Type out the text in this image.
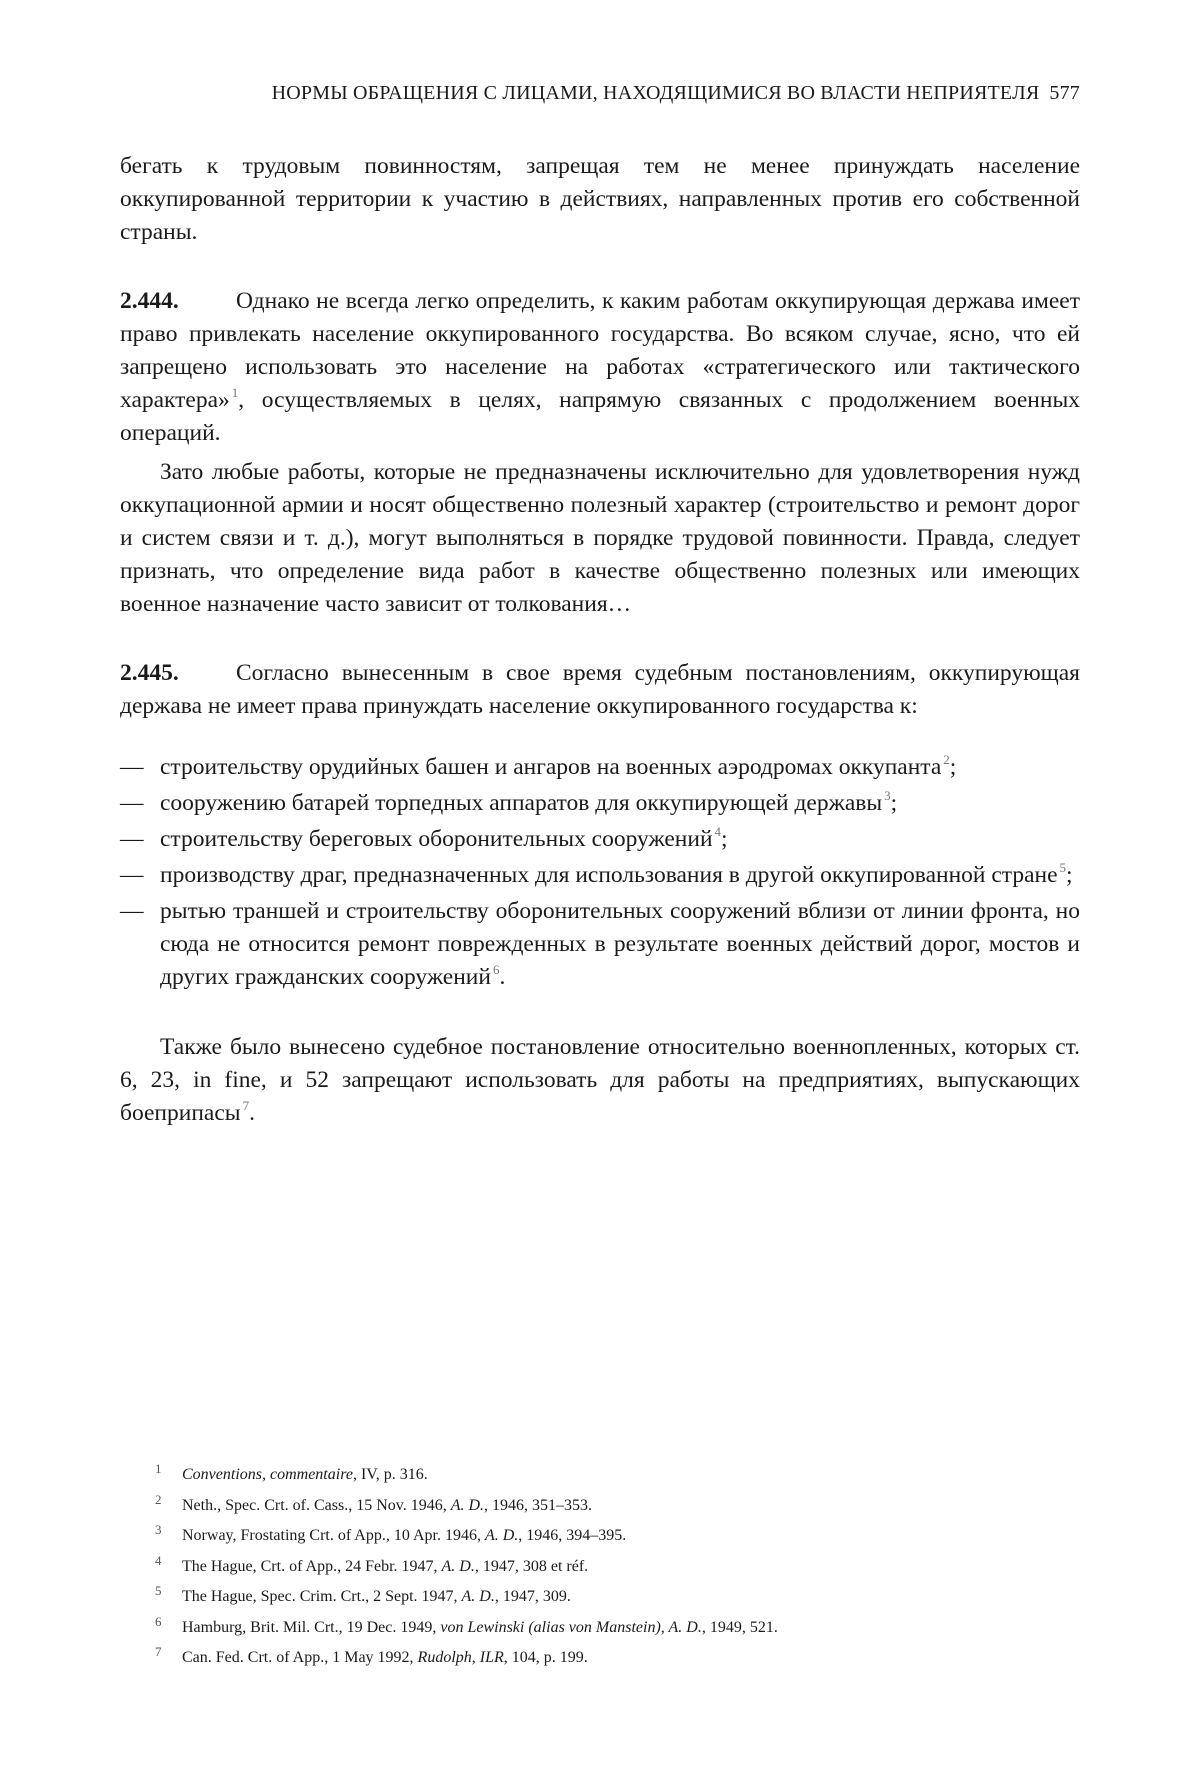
НОРМЫ ОБРАЩЕНИЯ С ЛИЦАМИ, НАХОДЯЩИМИСЯ ВО ВЛАСТИ НЕПРИЯТЕЛЯ 577

бегать к трудовым повинностям, запрещая тем не менее принуждать население оккупированной территории к участию в действиях, направленных против его собственной страны.

2.444. Однако не всегда легко определить, к каким работам оккупирующая держава имеет право привлекать население оккупированного государства. Во всяком случае, ясно, что ей запрещено использовать это население на работах «стратегического или тактического характера» $^1$, осуществляемых в целях, напрямую связанных с продолжением военных операций.

Зато любые работы, которые не предназначены исключительно для удовлетворения нужд оккупационной армии и носят общественно полезный характер (строительство и ремонт дорог и систем связи и т. д.), могут выполняться в порядке трудовой повинности. Правда, следует признать, что определение вида работ в качестве общественно полезных или имеющих военное назначение часто зависит от толкования…

2.445. Согласно вынесенным в свое время судебным постановлениям, оккупирующая держава не имеет права принуждать население оккупированного государства к:

— строительству орудийных башен и ангаров на военных аэродромах оккупанта $^2$;
— сооружению батарей торпедных аппаратов для оккупирующей державы $^3$;
— строительству береговых оборонительных сооружений $^4$;
— производству драг, предназначенных для использования в другой оккупированной стране $^5$;
— рытью траншей и строительству оборонительных сооружений вблизи от линии фронта, но сюда не относится ремонт поврежденных в результате военных действий дорог, мостов и других гражданских сооружений $^6$.

Также было вынесено судебное постановление относительно военнопленных, которых ст. 6, 23, in fine, и 52 запрещают использовать для работы на предприятиях, выпускающих боеприпасы $^7$.

1 Conventions, commentaire, IV, p. 316.
2 Neth., Spec. Crt. of. Cass., 15 Nov. 1946, A. D., 1946, 351–353.
3 Norway, Frostating Crt. of App., 10 Apr. 1946, A. D., 1946, 394–395.
4 The Hague, Crt. of App., 24 Febr. 1947, A. D., 1947, 308 et réf.
5 The Hague, Spec. Crim. Crt., 2 Sept. 1947, A. D., 1947, 309.
6 Hamburg, Brit. Mil. Crt., 19 Dec. 1949, von Lewinski (alias von Manstein), A. D., 1949, 521.
7 Can. Fed. Crt. of App., 1 May 1992, Rudolph, ILR, 104, p. 199.
